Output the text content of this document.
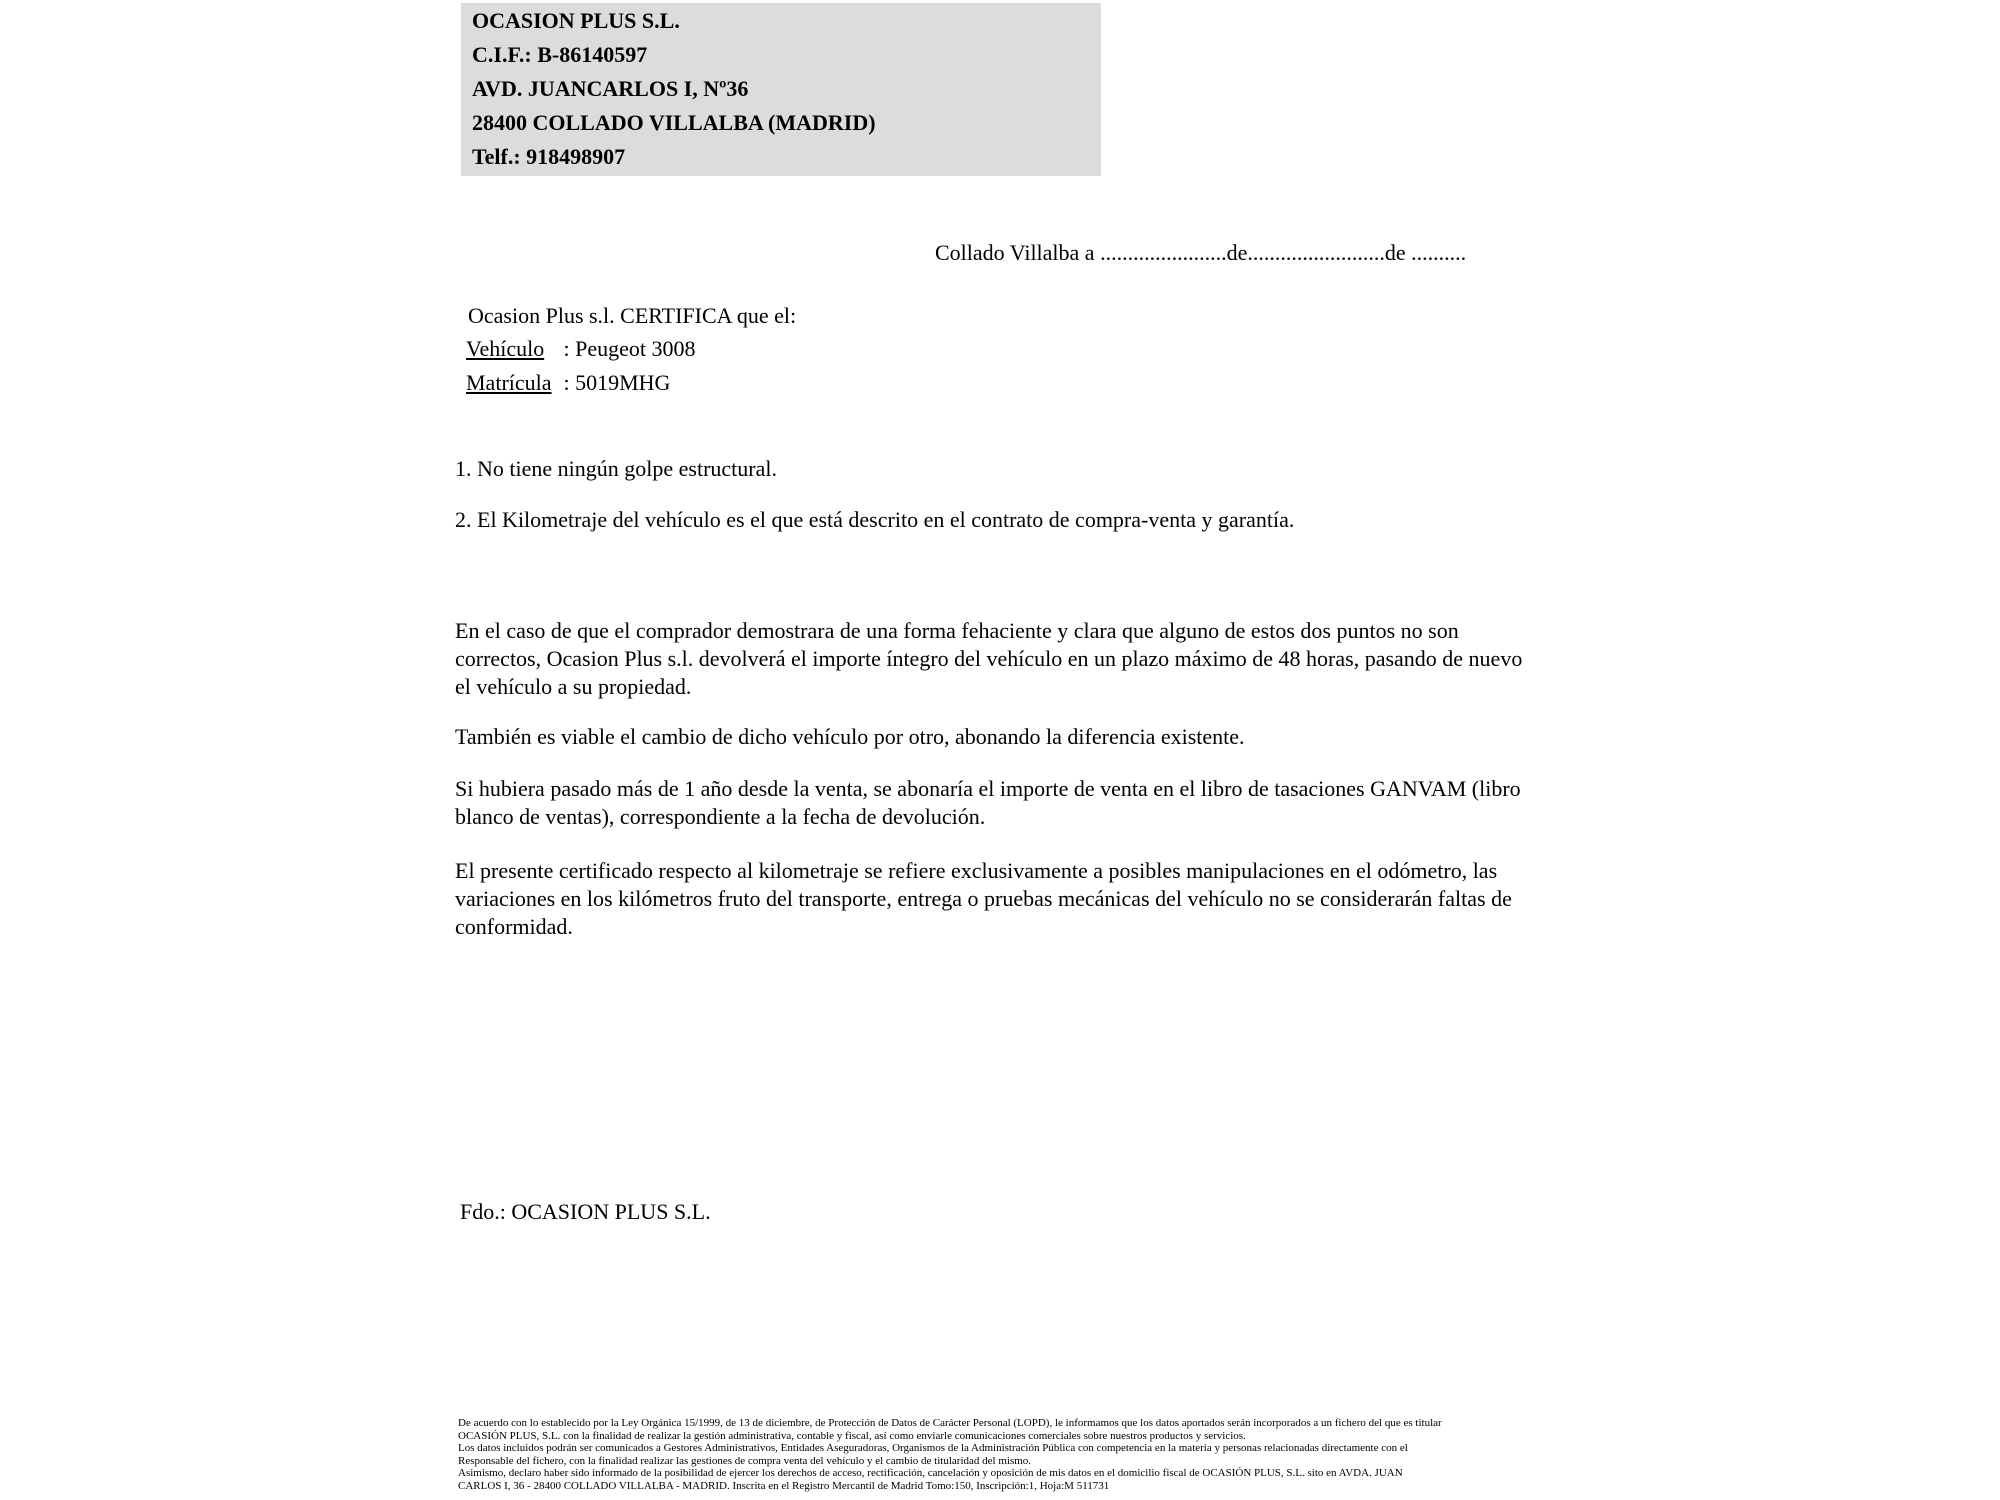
OCASION PLUS S.L.
C.I.F.: B-86140597
AVD. JUANCARLOS I, Nº36
28400 COLLADO VILLALBA (MADRID)
Telf.: 918498907
Collado Villalba a .......................de.........................de ..........
Ocasion Plus s.l. CERTIFICA que el:
Vehículo : Peugeot 3008
Matrícula : 5019MHG
1. No tiene ningún golpe estructural.
2. El Kilometraje del vehículo es el que está descrito en el contrato de compra-venta y garantía.
En el caso de que el comprador demostrara de una forma fehaciente y clara que alguno de estos dos puntos no son correctos, Ocasion Plus s.l. devolverá el importe íntegro del vehículo en un plazo máximo de 48 horas, pasando de nuevo el vehículo a su propiedad.
También es viable el cambio de dicho vehículo por otro, abonando la diferencia existente.
Si hubiera pasado más de 1 año desde la venta, se abonaría el importe de venta en el libro de tasaciones GANVAM (libro blanco de ventas), correspondiente a la fecha de devolución.
El presente certificado respecto al kilometraje se refiere exclusivamente a posibles manipulaciones en el odómetro, las variaciones en los kilómetros fruto del transporte, entrega o pruebas mecánicas del vehículo no se considerarán faltas de conformidad.
Fdo.: OCASION PLUS S.L.
De acuerdo con lo establecido por la Ley Orgánica 15/1999, de 13 de diciembre, de Protección de Datos de Carácter Personal (LOPD), le informamos que los datos aportados serán incorporados a un fichero del que es titular
OCASIÓN PLUS, S.L. con la finalidad de realizar la gestión administrativa, contable y fiscal, así como enviarle comunicaciones comerciales sobre nuestros productos y servicios.
Los datos incluidos podrán ser comunicados a Gestores Administrativos, Entidades Aseguradoras, Organismos de la Administración Pública con competencia en la materia y personas relacionadas directamente con el
Responsable del fichero, con la finalidad realizar las gestiones de compra venta del vehículo y el cambio de titularidad del mismo.
Asimismo, declaro haber sido informado de la posibilidad de ejercer los derechos de acceso, rectificación, cancelación y oposición de mis datos en el domicilio fiscal de OCASIÓN PLUS, S.L. sito en AVDA. JUAN
CARLOS I, 36 - 28400 COLLADO VILLALBA - MADRID. Inscrita en el Registro Mercantil de Madrid Tomo:150, Inscripción:1, Hoja:M 511731
